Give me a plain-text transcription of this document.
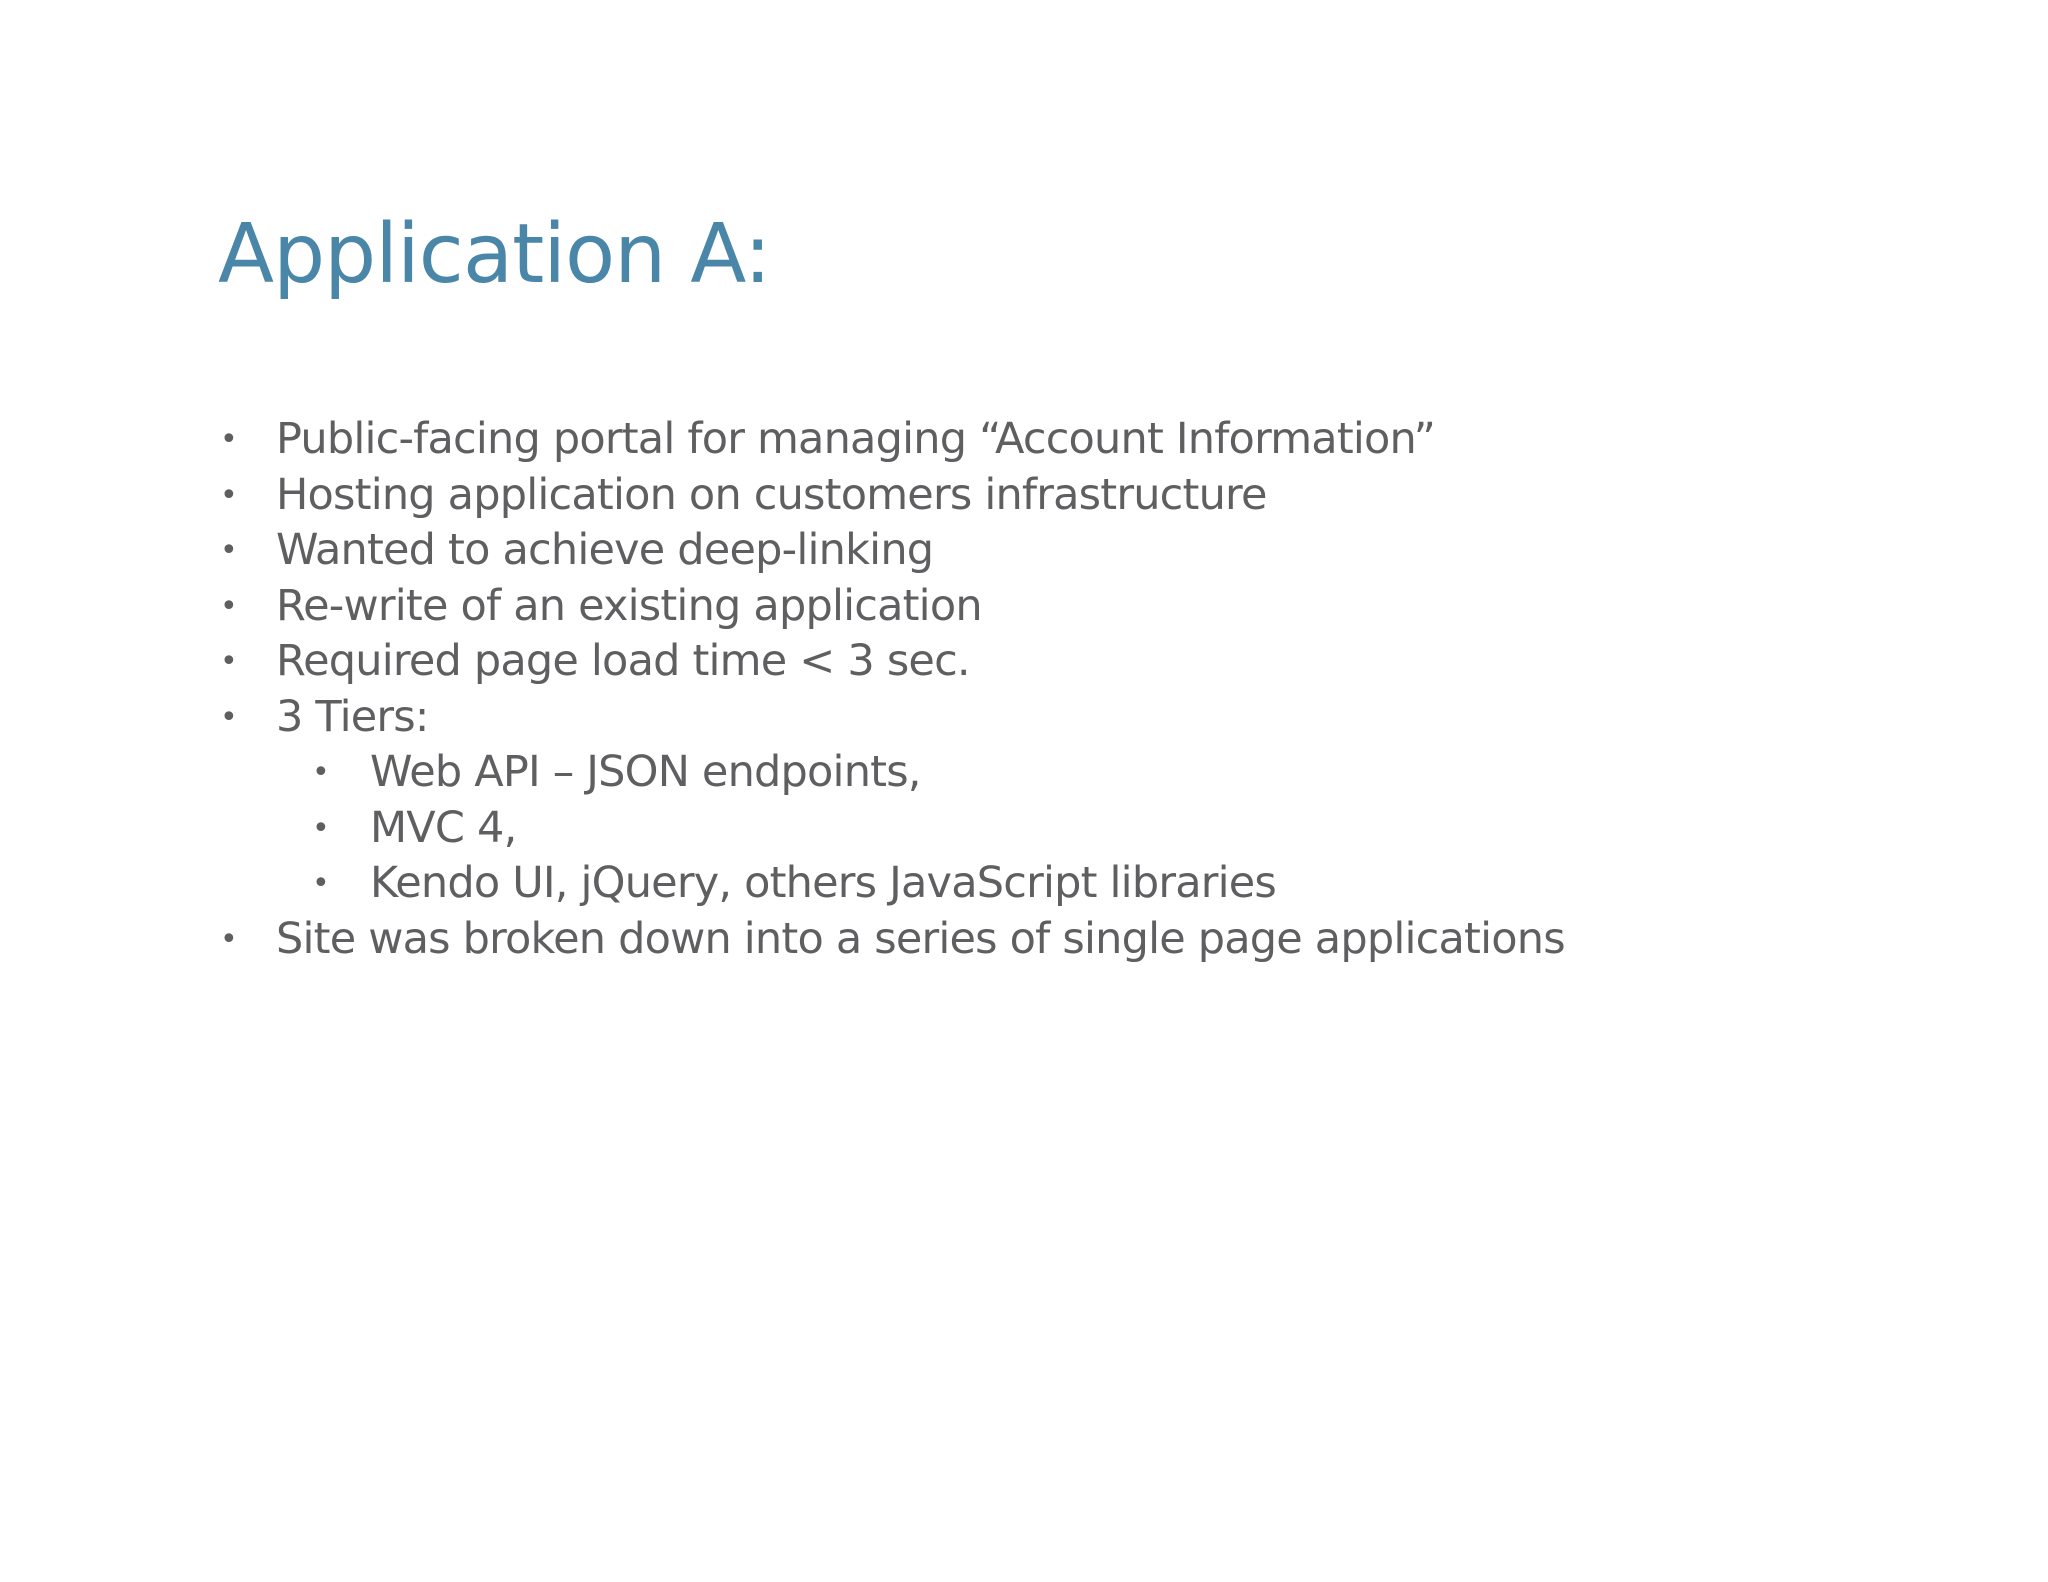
Application A:
• Public-facing portal for managing “Account Information”
• Hosting application on customers infrastructure
• Wanted to achieve deep-linking
• Re-write of an existing application
• Required page load time < 3 sec.
• 3 Tiers:
• Web API – JSON endpoints,
• MVC 4,
• Kendo UI, jQuery, others JavaScript libraries
• Site was broken down into a series of single page applications
